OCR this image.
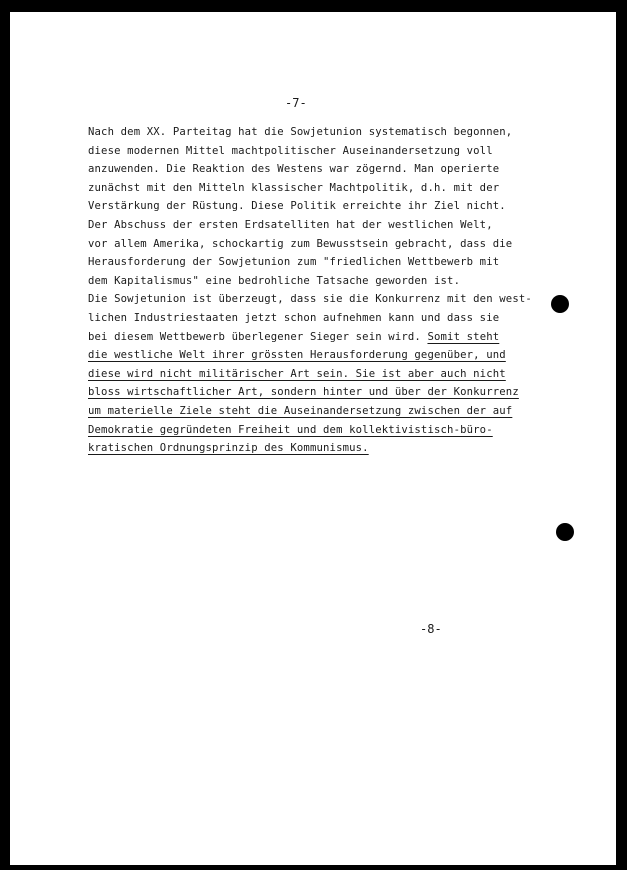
-7-
Nach dem XX. Parteitag hat die Sowjetunion systematisch begonnen,
diese modernen Mittel machtpolitischer Auseinandersetzung voll
anzuwenden. Die Reaktion des Westens war zögernd. Man operierte
zunächst mit den Mitteln klassischer Machtpolitik, d.h. mit der
Verstärkung der Rüstung. Diese Politik erreichte ihr Ziel nicht.
Der Abschuss der ersten Erdsatelliten hat der westlichen Welt,
vor allem Amerika, schockartig zum Bewusstsein gebracht, dass die
Herausforderung der Sowjetunion zum "friedlichen Wettbewerb mit
dem Kapitalismus" eine bedrohliche Tatsache geworden ist.
Die Sowjetunion ist überzeugt, dass sie die Konkurrenz mit den west-
lichen Industriestaaten jetzt schon aufnehmen kann und dass sie
bei diesem Wettbewerb überlegener Sieger sein wird. Somit steht
die westliche Welt ihrer grössten Herausforderung gegenüber, und
diese wird nicht militärischer Art sein. Sie ist aber auch nicht
bloss wirtschaftlicher Art, sondern hinter und über der Konkurrenz
um materielle Ziele steht die Auseinandersetzung zwischen der auf
Demokratie gegründeten Freiheit und dem kollektivistisch-büro-
kratischen Ordnungsprinzip des Kommunismus.
-8-
